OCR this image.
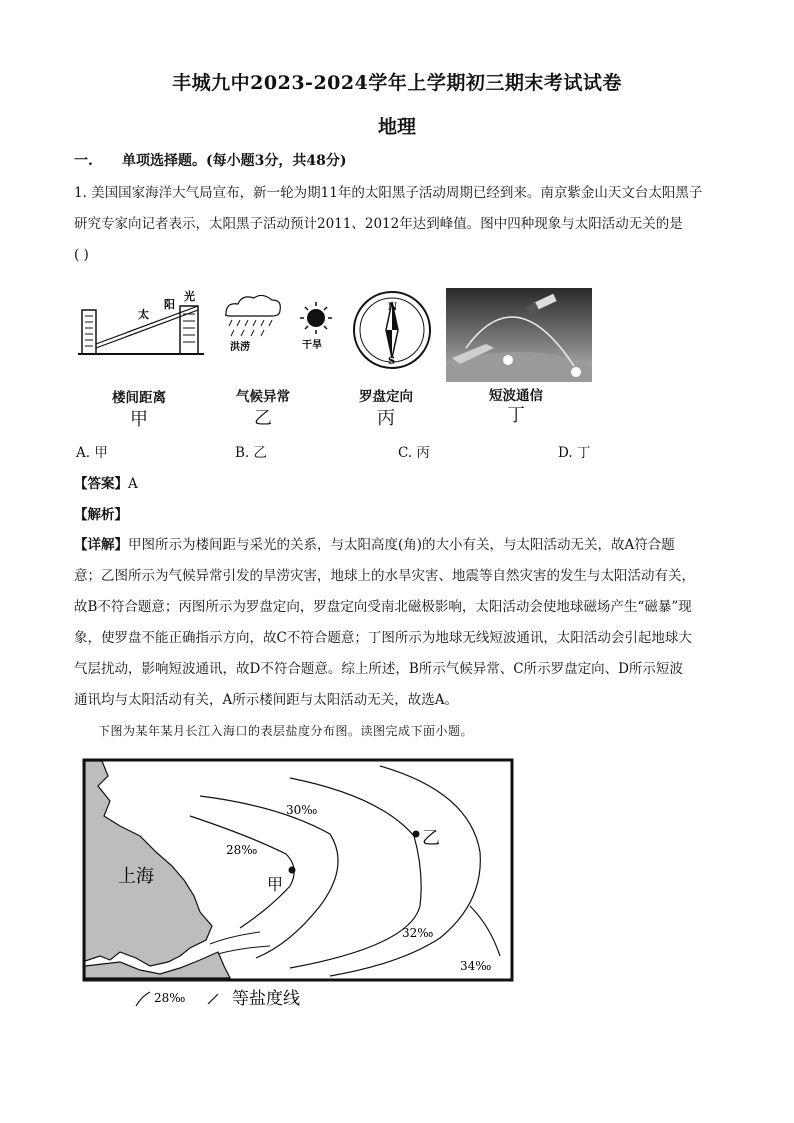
丰城九中2023-2024学年上学期初三期末考试试卷
地理
一. 单项选择题。(每小题3分，共48分)
1. 美国国家海洋大气局宣布，新一轮为期11年的太阳黑子活动周期已经到来。南京紫金山天文台太阳黑子
研究专家向记者表示，太阳黑子活动预计2011、2012年达到峰值。图中四种现象与太阳活动无关的是
( )
太
阳
光
洪涝	干旱
N
S
楼间距离
甲
气候异常
乙
罗盘定向
丙
短波通信
丁
A. 甲	B. 乙	C. 丙	D. 丁
【答案】A
【解析】
【详解】甲图所示为楼间距与采光的关系，与太阳高度(角)的大小有关，与太阳活动无关，故A符合题
意；乙图所示为气候异常引发的旱涝灾害，地球上的水旱灾害、地震等自然灾害的发生与太阳活动有关，
故B不符合题意；丙图所示为罗盘定向，罗盘定向受南北磁极影响，太阳活动会使地球磁场产生“磁暴”现
象，使罗盘不能正确指示方向，故C不符合题意；丁图所示为地球无线短波通讯，太阳活动会引起地球大
气层扰动，影响短波通讯，故D不符合题意。综上所述，B所示气候异常、C所示罗盘定向、D所示短波
通讯均与太阳活动有关，A所示楼间距与太阳活动无关，故选A。
下图为某年某月长江入海口的表层盐度分布图。读图完成下面小题。
上海	甲
乙
30‰
28‰
32‰
34‰
28‰	等盐度线
